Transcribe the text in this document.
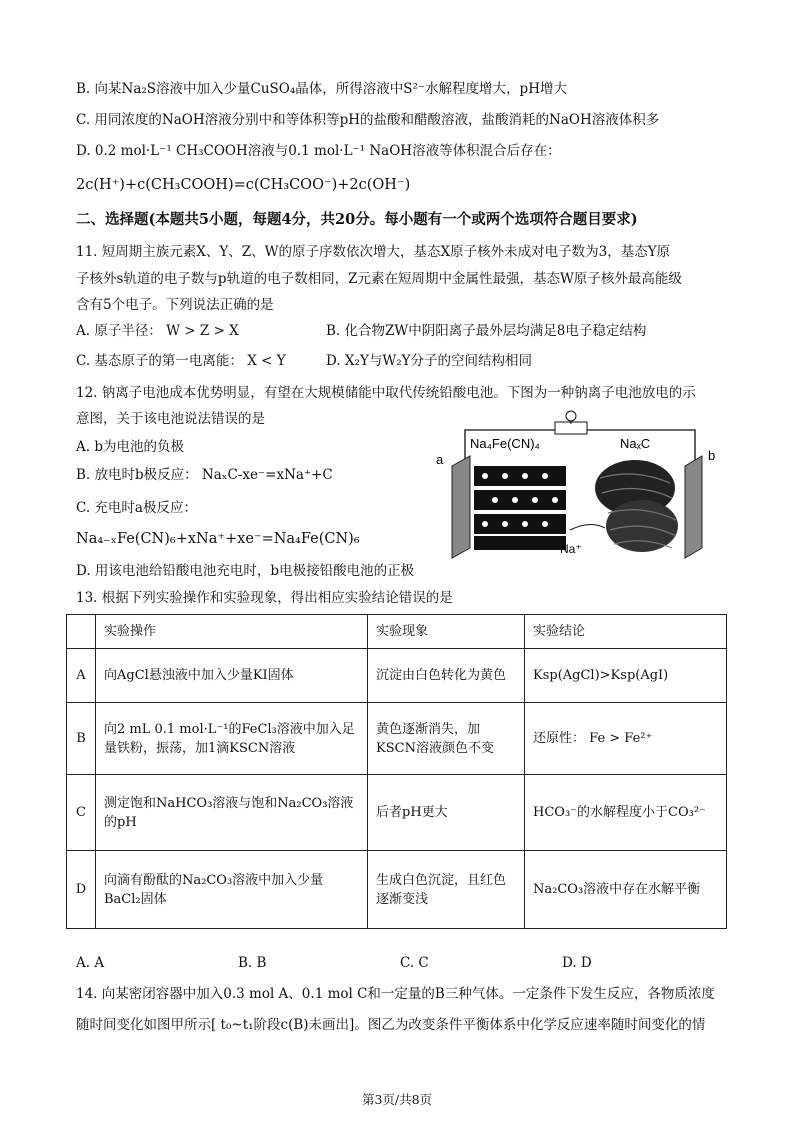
B. 向某Na₂S溶液中加入少量CuSO₄晶体，所得溶液中S²⁻水解程度增大，pH增大
C. 用同浓度的NaOH溶液分别中和等体积等pH的盐酸和醋酸溶液，盐酸消耗的NaOH溶液体积多
D. 0.2 mol·L⁻¹ CH₃COOH溶液与0.1 mol·L⁻¹ NaOH溶液等体积混合后存在：
2c(H⁺)+c(CH₃COOH)=c(CH₃COO⁻)+2c(OH⁻)
二、选择题(本题共5小题，每题4分，共20分。每小题有一个或两个选项符合题目要求)
11. 短周期主族元素X、Y、Z、W的原子序数依次增大，基态X原子核外未成对电子数为3，基态Y原
子核外s轨道的电子数与p轨道的电子数相同，Z元素在短周期中金属性最强，基态W原子核外最高能级
含有5个电子。下列说法正确的是
A. 原子半径： W > Z > X	B. 化合物ZW中阴阳离子最外层均满足8电子稳定结构
C. 基态原子的第一电离能： X < Y	D. X₂Y与W₂Y分子的空间结构相同
12. 钠离子电池成本优势明显，有望在大规模储能中取代传统铅酸电池。下图为一种钠离子电池放电的示
意图，关于该电池说法错误的是
A. b为电池的负极
B. 放电时b极反应： NaₓC-xe⁻=xNa⁺+C
C. 充电时a极反应：
Na₄₋ₓFe(CN)₆+xNa⁺+xe⁻=Na₄Fe(CN)₆
D. 用该电池给铅酸电池充电时，b电极接铅酸电池的正极
Na₄Fe(CN)₄	NaₓC
a	b
Na⁺
13. 根据下列实验操作和实验现象，得出相应实验结论错误的是
	实验操作	实验现象	实验结论
A	向AgCl悬浊液中加入少量KI固体	沉淀由白色转化为黄色	Ksp(AgCl)>Ksp(AgI)
B	向2 mL 0.1 mol·L⁻¹的FeCl₃溶液中加入足量铁粉，振荡，加1滴KSCN溶液	黄色逐渐消失，加KSCN溶液颜色不变	还原性： Fe > Fe²⁺
C	测定饱和NaHCO₃溶液与饱和Na₂CO₃溶液的pH	后者pH更大	HCO₃⁻的水解程度小于CO₃²⁻
D	向滴有酚酞的Na₂CO₃溶液中加入少量BaCl₂固体	生成白色沉淀，且红色逐渐变浅	Na₂CO₃溶液中存在水解平衡
A. A	B. B	C. C	D. D
14. 向某密闭容器中加入0.3 mol A、0.1 mol C和一定量的B三种气体。一定条件下发生反应，各物质浓度
随时间变化如图甲所示[ t₀~t₁阶段c(B)未画出]。图乙为改变条件平衡体系中化学反应速率随时间变化的情
第3页/共8页
